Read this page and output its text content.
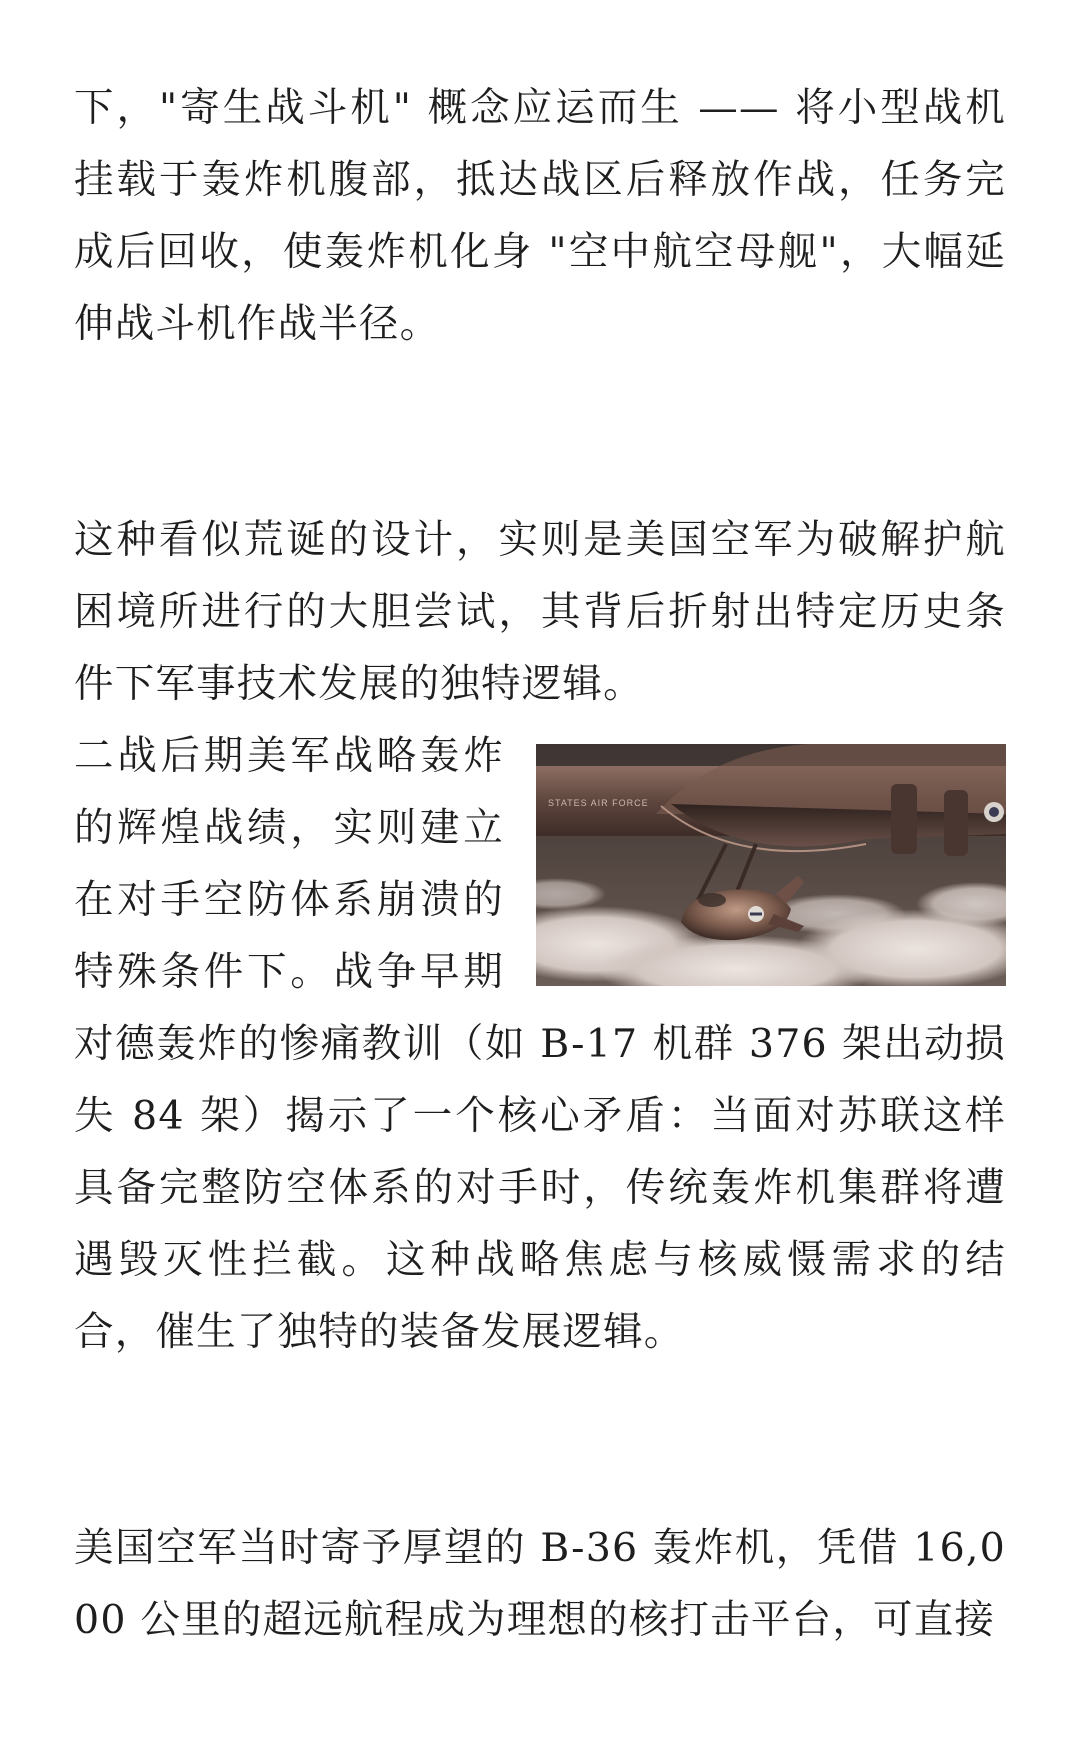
下，"寄生战斗机" 概念应运而生 —— 将小型战机挂载于轰炸机腹部，抵达战区后释放作战，任务完成后回收，使轰炸机化身 "空中航空母舰"，大幅延伸战斗机作战半径。

这种看似荒诞的设计，实则是美国空军为破解护航困境所进行的大胆尝试，其背后折射出特定历史条件下军事技术发展的独特逻辑。

STATES AIR FORCE

二战后期美军战略轰炸的辉煌战绩，实则建立在对手空防体系崩溃的特殊条件下。战争早期对德轰炸的惨痛教训（如 B-17 机群 376 架出动损失 84 架）揭示了一个核心矛盾：当面对苏联这样具备完整防空体系的对手时，传统轰炸机集群将遭遇毁灭性拦截。这种战略焦虑与核威慑需求的结合，催生了独特的装备发展逻辑。

美国空军当时寄予厚望的 B-36 轰炸机，凭借 16,000 公里的超远航程成为理想的核打击平台，可直接
